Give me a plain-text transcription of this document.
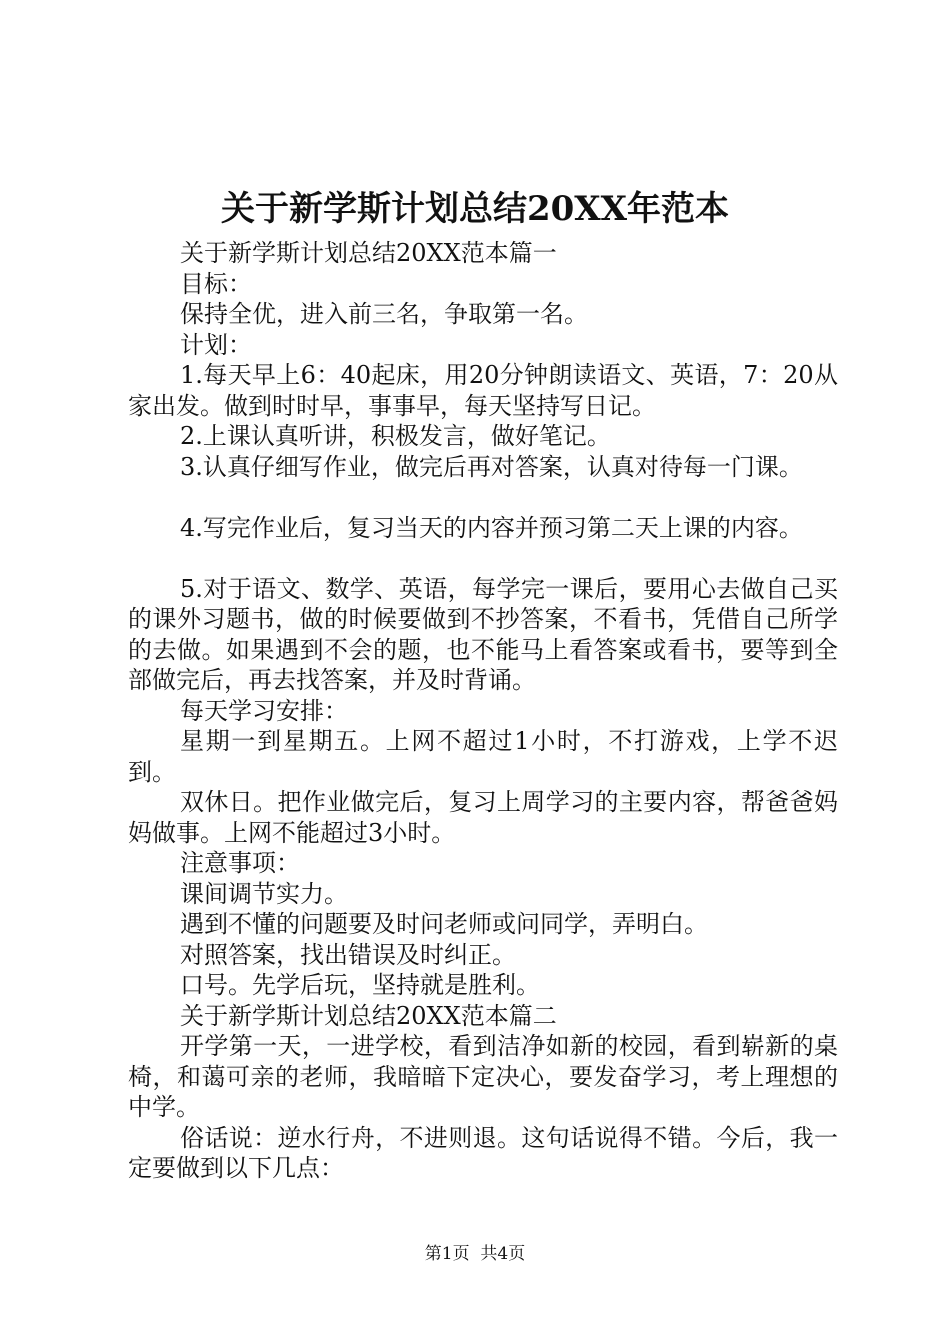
关于新学斯计划总结20XX年范本

关于新学斯计划总结20XX范本篇一

目标：

保持全优，进入前三名，争取第一名。

计划：

1.每天早上6：40起床，用20分钟朗读语文、英语，7：20从家出发。做到时时早，事事早，每天坚持写日记。

2.上课认真听讲，积极发言，做好笔记。

3.认真仔细写作业，做完后再对答案，认真对待每一门课。

4.写完作业后，复习当天的内容并预习第二天上课的内容。

5.对于语文、数学、英语，每学完一课后，要用心去做自己买的课外习题书，做的时候要做到不抄答案，不看书，凭借自己所学的去做。如果遇到不会的题，也不能马上看答案或看书，要等到全部做完后，再去找答案，并及时背诵。

每天学习安排：

星期一到星期五。上网不超过1小时，不打游戏，上学不迟到。

双休日。把作业做完后，复习上周学习的主要内容，帮爸爸妈妈做事。上网不能超过3小时。

注意事项：

课间调节实力。

遇到不懂的问题要及时问老师或问同学，弄明白。

对照答案，找出错误及时纠正。

口号。先学后玩，坚持就是胜利。

关于新学斯计划总结20XX范本篇二

开学第一天，一进学校，看到洁净如新的校园，看到崭新的桌椅，和蔼可亲的老师，我暗暗下定决心，要发奋学习，考上理想的中学。

俗话说：逆水行舟，不进则退。这句话说得不错。今后，我一定要做到以下几点：

第1页  共4页
